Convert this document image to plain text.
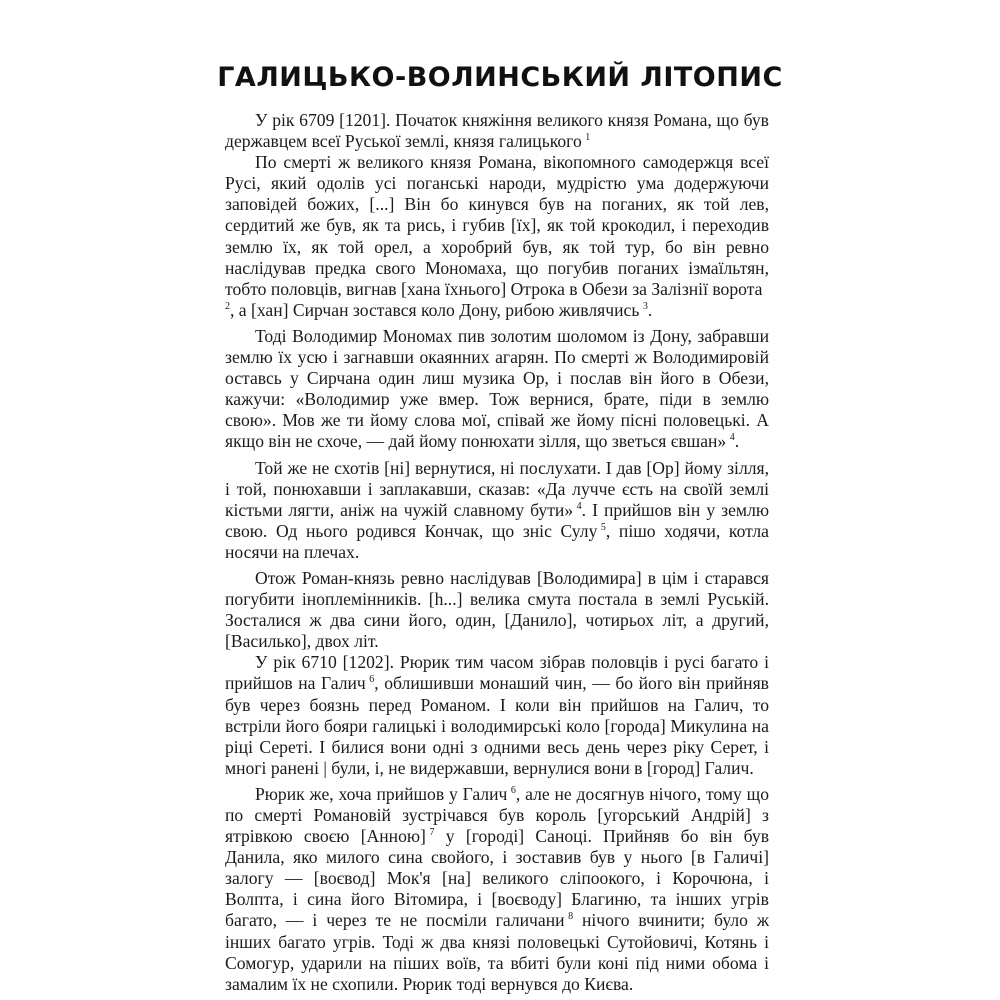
ГАЛИЦЬКО-ВОЛИНСЬКИЙ ЛІТОПИС

У рік 6709 [1201]. Початок княжіння великого князя Романа, що був державцем всеї Руської землі, князя галицького  $^1$

По смерті ж великого князя Романа, вікопомного самодержця всеї Русі, який одолів усі поганські народи, мудрістю ума додержуючи заповідей божих, [...] Він бо кинувся був на поганих, як той лев, сердитий же був, як та рись, і губив [їх], як той крокодил, і переходив землю їх, як той орел, а хоробрий був, як той тур, бо він ревно наслідував предка свого Мономаха, що погубив поганих ізмаїльтян, тобто половців, вигнав [хана їхнього] Отрока в Обези за Залізнії ворота
$^2$, а [хан] Сирчан зостався коло Дону, рибою живлячись  $^3$.

Тоді Володимир Мономах пив золотим шоломом із Дону, забравши землю їх усю і загнавши окаянних агарян. По смерті ж Володимировій оставсь у Сирчана один лиш музика Ор, і послав він його в Обези, кажучи: «Володимир уже вмер. Тож вернися, брате, піди в землю свою». Мов же ти йому слова мої, співай же йому пісні половецькі. А якщо він не схоче, — дай йому понюхати зілля, що зветься євшан»  $^4$.

Той же не схотів [ні] вернутися, ні послухати. І дав [Ор] йому зілля, і той, понюхавши і заплакавши, сказав: «Да лучче єсть на своїй землі кістьми лягти, аніж на чужій славному бути»  $^4$. І прийшов він у землю свою. Од нього родився Кончак, що зніс Сулу  $^5$, пішо ходячи, котла носячи на плечах.

Отож Роман-князь ревно наслідував [Володимира] в цім і старався погубити іноплемінників. [h...] велика смута постала в землі Руській. Зосталися ж два сини його, один, [Данило], чотирьох літ, а другий, [Василько], двох літ.

У рік 6710 [1202]. Рюрик тим часом зібрав половців і русі багато і прийшов на Галич  $^6$, облишивши монаший чин, — бо його він прийняв був через боязнь перед Романом. І коли він прийшов на Галич, то встріли його бояри галицькі і володимирські коло [города] Микулина на ріці Сереті. І билися вони одні з одними весь день через ріку Серет, і многі ранені | були, і, не видержавши, вернулися вони в [город] Галич.

Рюрик же, хоча прийшов у Галич  $^6$, але не досягнув нічого, тому що по смерті Романовій зустрічався був король [угорський Андрій] з ятрівкою своєю [Анною]  $^7$ у [городі] Саноці. Прийняв бо він був Данила, яко милого сина свойого, і зоставив був у нього [в Галичі] залогу — [воєвод] Мок'я [на] великого сліпоокого, і Корочюна, і Волпта, і сина його Вітомира, і [воєводу] Благиню, та інших угрів багато, — і через те не посміли галичани  $^8$ нічого вчинити; було ж інших багато угрів. Тоді ж два князі половецькі Сутойовичі, Котянь і Сомогур, ударили на піших воїв, та вбиті були коні під ними обома і замалим їх не схопили. Рюрик тоді вернувся до Києва.
